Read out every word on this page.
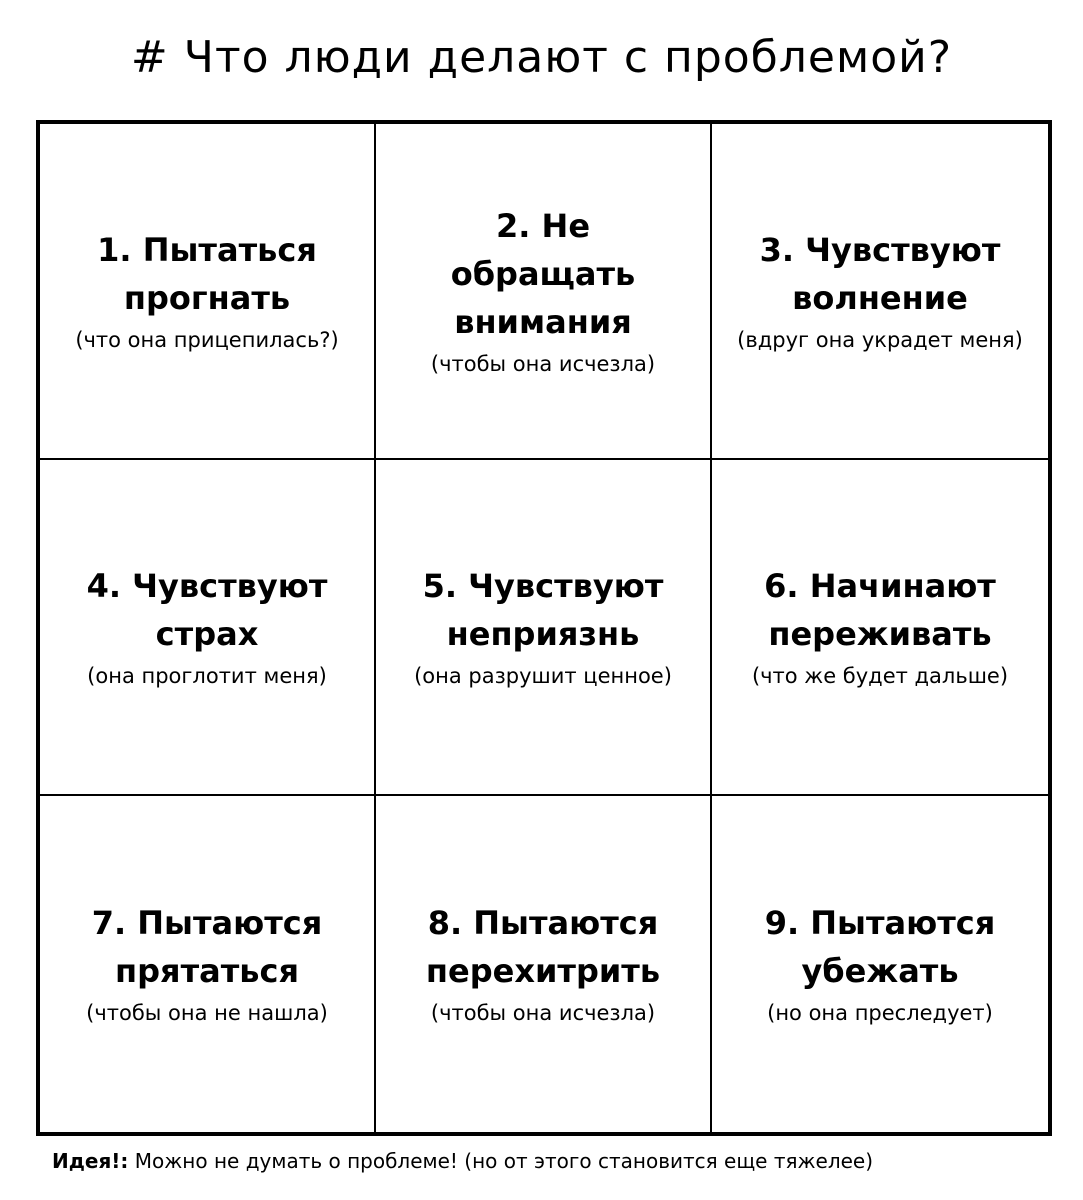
# Что люди делают с проблемой?
1. Пытаться прогнать
(что она прицепилась?)
2. Не обращать внимания
(чтобы она исчезла)
3. Чувствуют волнение
(вдруг она украдет меня)
4. Чувствуют страх
(она проглотит меня)
5. Чувствуют неприязнь
(она разрушит ценное)
6. Начинают переживать
(что же будет дальше)
7. Пытаются прятаться
(чтобы она не нашла)
8. Пытаются перехитрить
(чтобы она исчезла)
9. Пытаются убежать
(но она преследует)
Идея!: Можно не думать о проблеме! (но от этого становится еще тяжелее)
